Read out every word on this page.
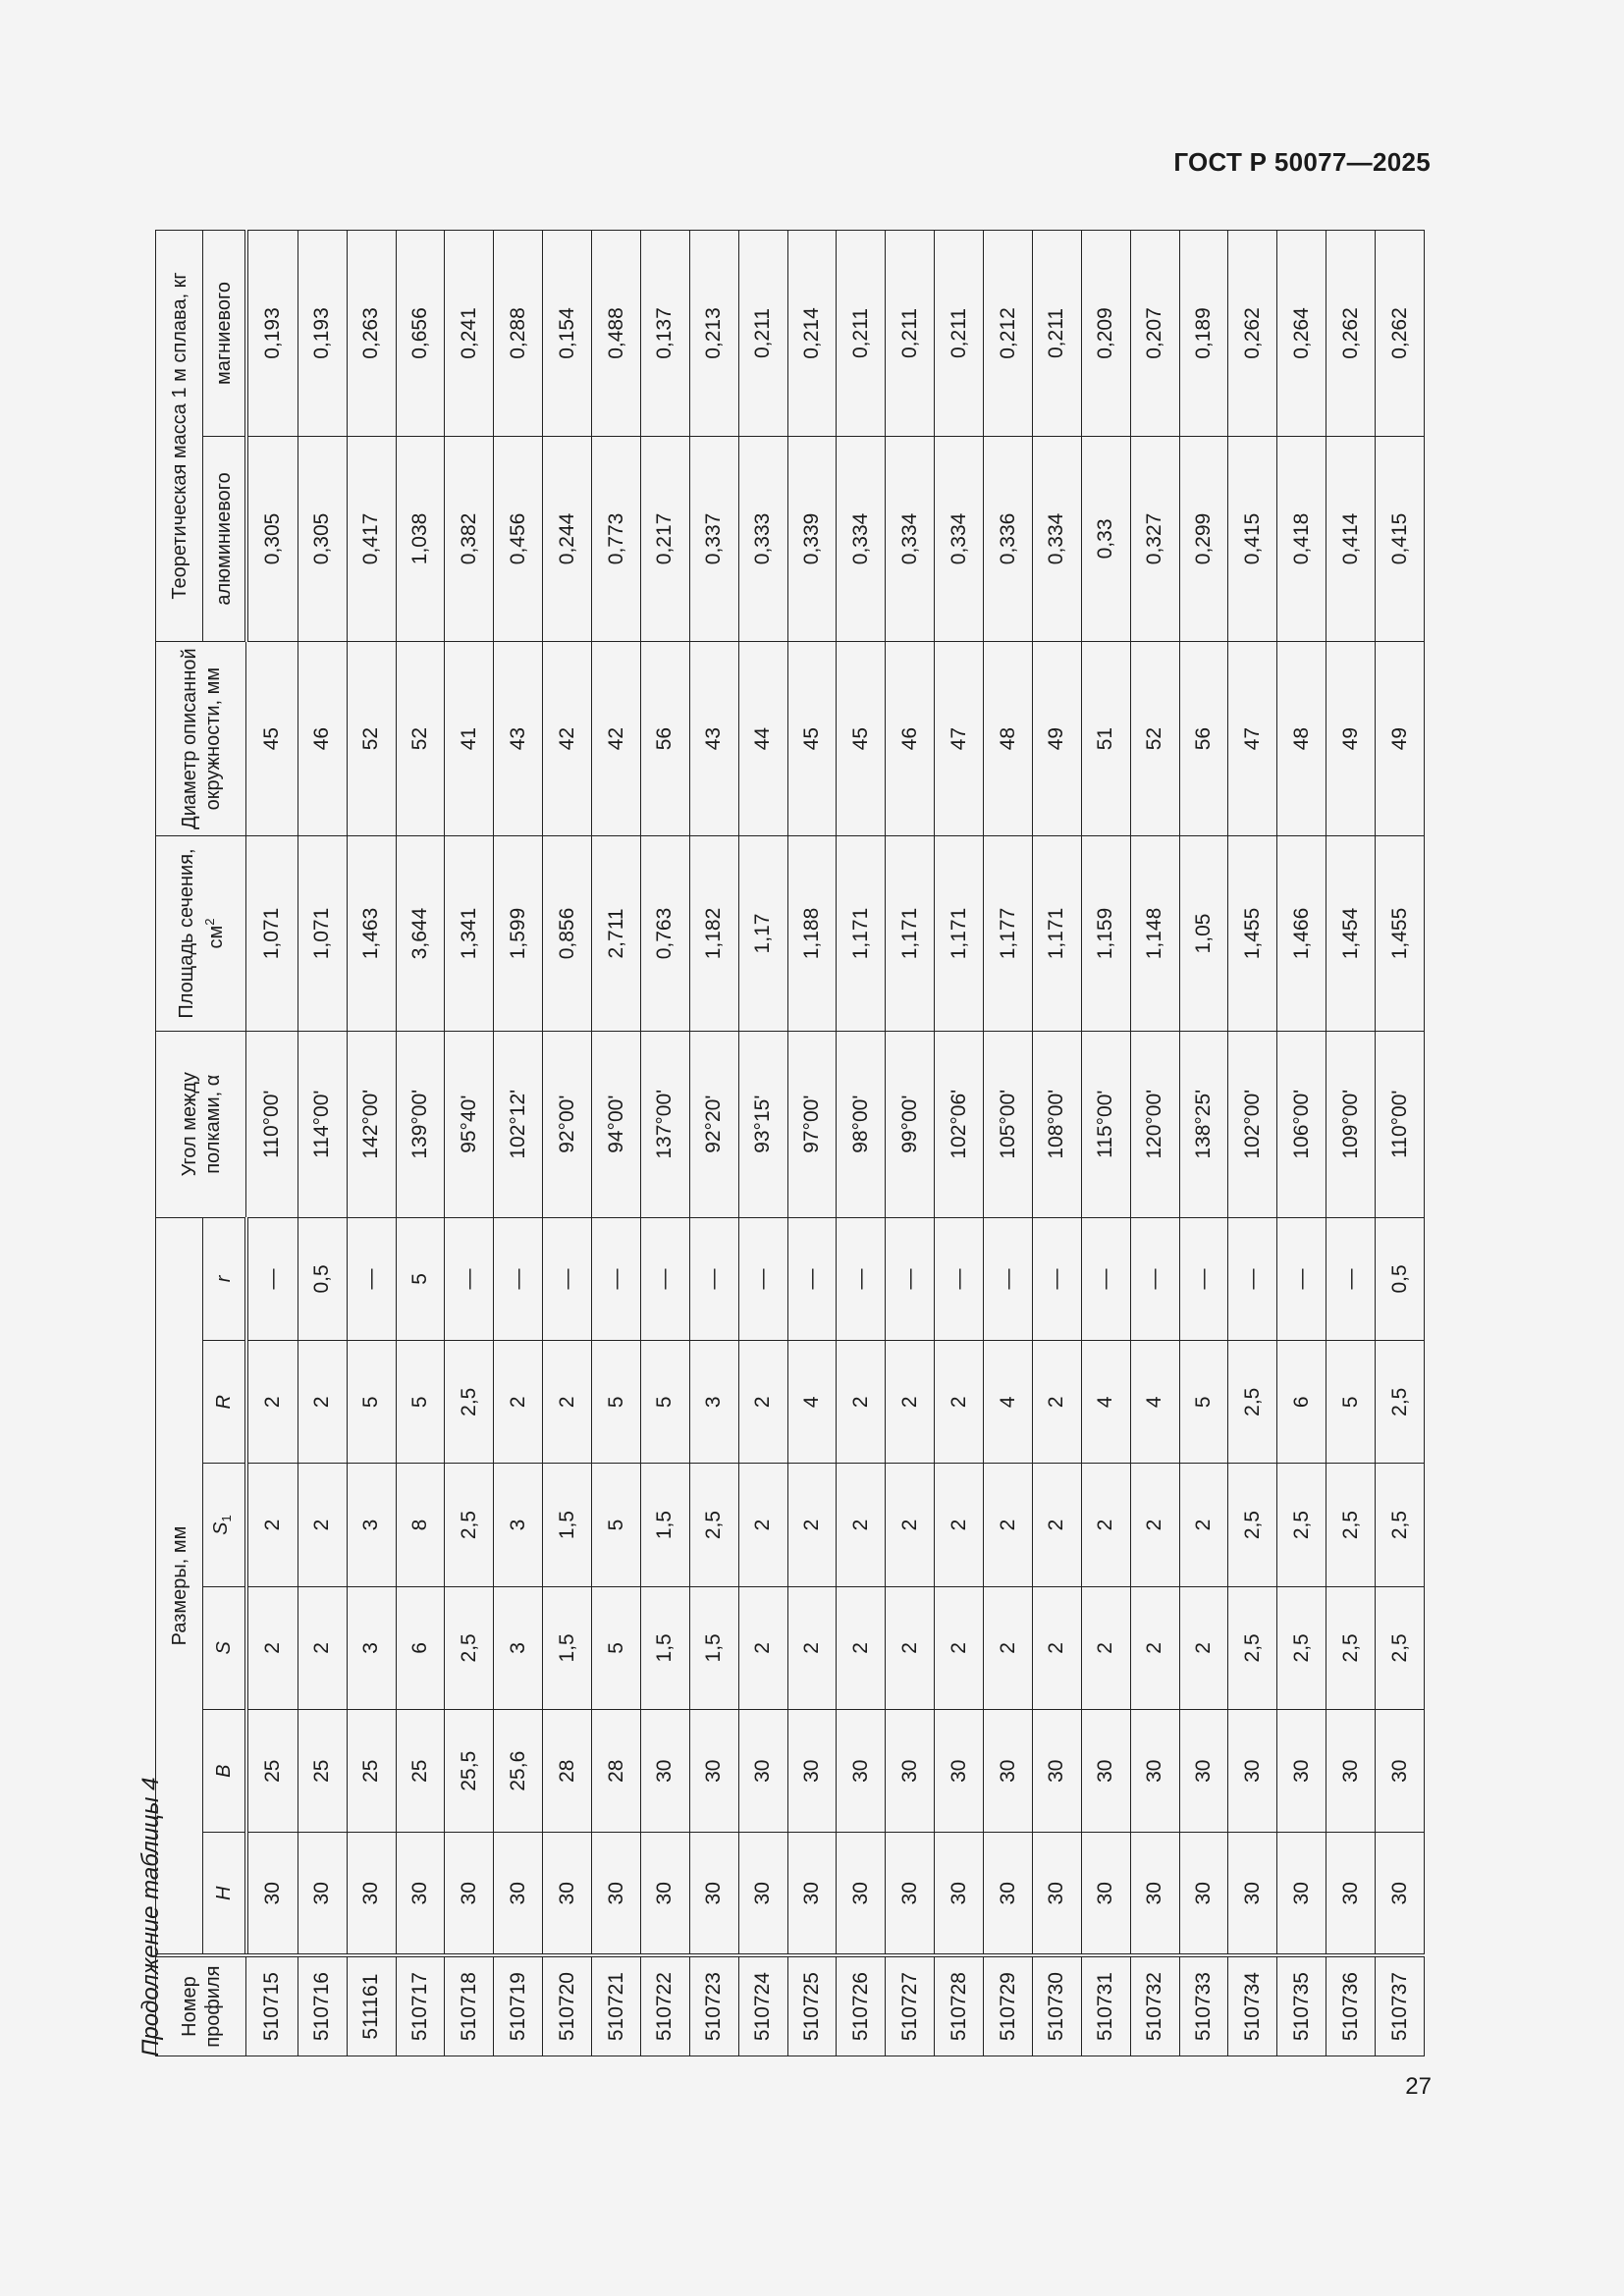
ГОСТ Р 50077—2025
Продолжение таблицы 4 Номер профиля	Размеры, мм						Угол между полками, α	Площадь сечения, $см^2$	Диаметр описанной окружности, мм	Теоретическая масса 1 м сплава, кг	
	H	B	S	$S_1$	R	r				алюминиевого	магниевого
510715	30	25	2	2	2	—	110°00'	1,071	45	0,305	0,193
510716	30	25	2	2	2	0,5	114°00'	1,071	46	0,305	0,193
511161	30	25	3	3	5	—	142°00'	1,463	52	0,417	0,263
510717	30	25	6	8	5	5	139°00'	3,644	52	1,038	0,656
510718	30	25,5	2,5	2,5	2,5	—	95°40'	1,341	41	0,382	0,241
510719	30	25,6	3	3	2	—	102°12'	1,599	43	0,456	0,288
510720	30	28	1,5	1,5	2	—	92°00'	0,856	42	0,244	0,154
510721	30	28	5	5	5	—	94°00'	2,711	42	0,773	0,488
510722	30	30	1,5	1,5	5	—	137°00'	0,763	56	0,217	0,137
510723	30	30	1,5	2,5	3	—	92°20'	1,182	43	0,337	0,213
510724	30	30	2	2	2	—	93°15'	1,17	44	0,333	0,211
510725	30	30	2	2	4	—	97°00'	1,188	45	0,339	0,214
510726	30	30	2	2	2	—	98°00'	1,171	45	0,334	0,211
510727	30	30	2	2	2	—	99°00'	1,171	46	0,334	0,211
510728	30	30	2	2	2	—	102°06'	1,171	47	0,334	0,211
510729	30	30	2	2	4	—	105°00'	1,177	48	0,336	0,212
510730	30	30	2	2	2	—	108°00'	1,171	49	0,334	0,211
510731	30	30	2	2	4	—	115°00'	1,159	51	0,33	0,209
510732	30	30	2	2	4	—	120°00'	1,148	52	0,327	0,207
510733	30	30	2	2	5	—	138°25'	1,05	56	0,299	0,189
510734	30	30	2,5	2,5	2,5	—	102°00'	1,455	47	0,415	0,262
510735	30	30	2,5	2,5	6	—	106°00'	1,466	48	0,418	0,264
510736	30	30	2,5	2,5	5	—	109°00'	1,454	49	0,414	0,262
510737	30	30	2,5	2,5	2,5	0,5	110°00'	1,455	49	0,415	0,262
27
